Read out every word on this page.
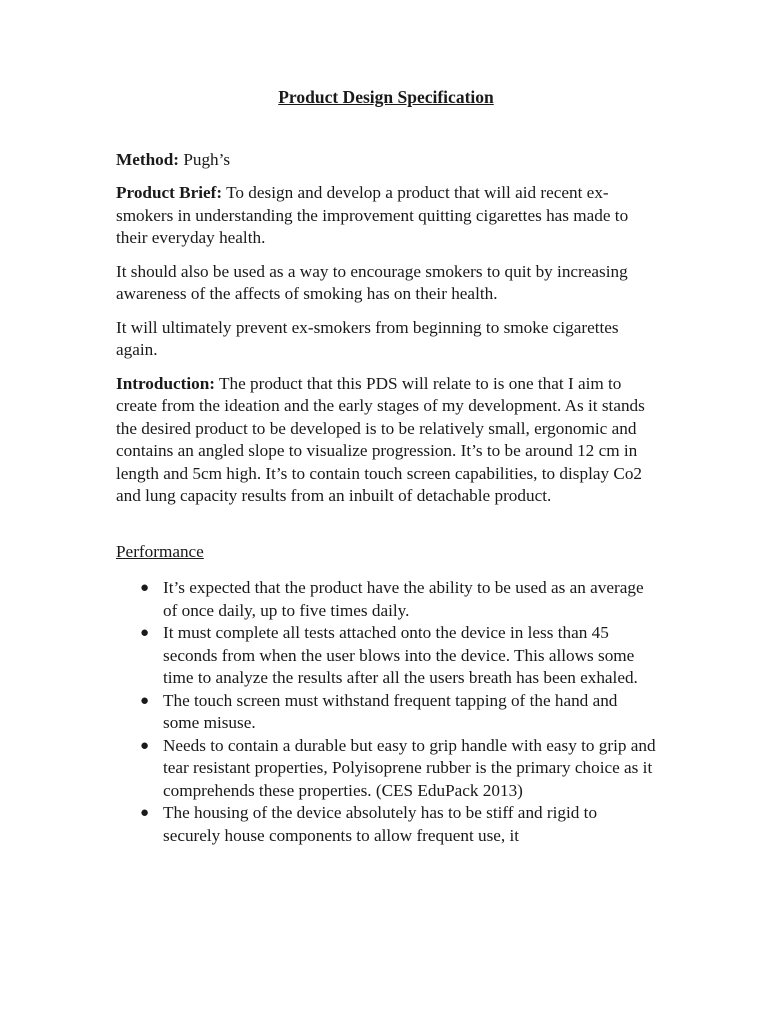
Product Design Specification

Method: Pugh’s

Product Brief: To design and develop a product that will aid recent ex-smokers in understanding the improvement quitting cigarettes has made to their everyday health.

It should also be used as a way to encourage smokers to quit by increasing awareness of the affects of smoking has on their health.

It will ultimately prevent ex-smokers from beginning to smoke cigarettes again.

Introduction: The product that this PDS will relate to is one that I aim to create from the ideation and the early stages of my development. As it stands the desired product to be developed is to be relatively small, ergonomic and contains an angled slope to visualize progression. It’s to be around 12 cm in length and 5cm high. It’s to contain touch screen capabilities, to display Co2 and lung capacity results from an inbuilt of detachable product.

Performance
● It’s expected that the product have the ability to be used as an average of once daily, up to five times daily.
● It must complete all tests attached onto the device in less than 45 seconds from when the user blows into the device. This allows some time to analyze the results after all the users breath has been exhaled.
● The touch screen must withstand frequent tapping of the hand and some misuse.
● Needs to contain a durable but easy to grip handle with easy to grip and tear resistant properties, Polyisoprene rubber is the primary choice as it comprehends these properties. (CES EduPack 2013)
● The housing of the device absolutely has to be stiff and rigid to securely house components to allow frequent use, it
